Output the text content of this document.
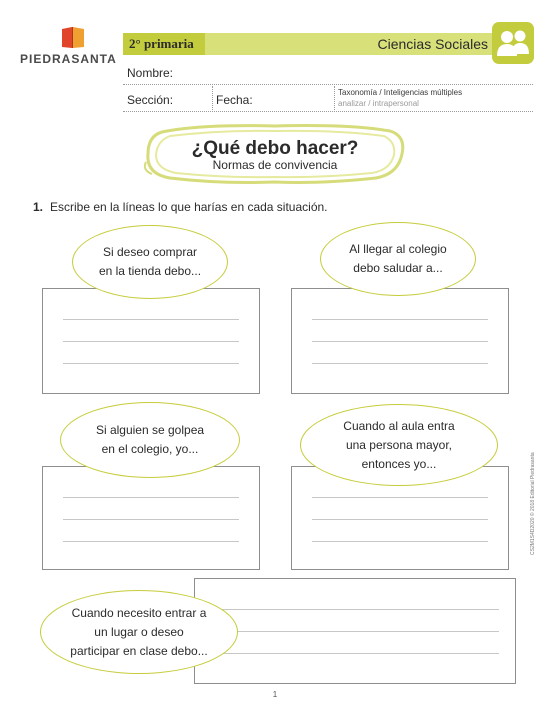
PIEDRASANTA
2° primaria	Ciencias Sociales
Nombre:
Sección:	Fecha:
Taxonomía / Inteligencias múltiples
analizar / intrapersonal
¿Qué debo hacer?
Normas de convivencia
1. Escribe en la líneas lo que harías en cada situación.
Si deseo comprar
en la tienda debo...
Al llegar al colegio
debo saludar a...
Si alguien se golpea
en el colegio, yo...
Cuando al aula entra
una persona mayor,
entonces yo...
Cuando necesito entrar a
un lugar o deseo
participar en clase debo...
CS2M1S4D2020 © 2018 Editorial Piedrasanta
1
